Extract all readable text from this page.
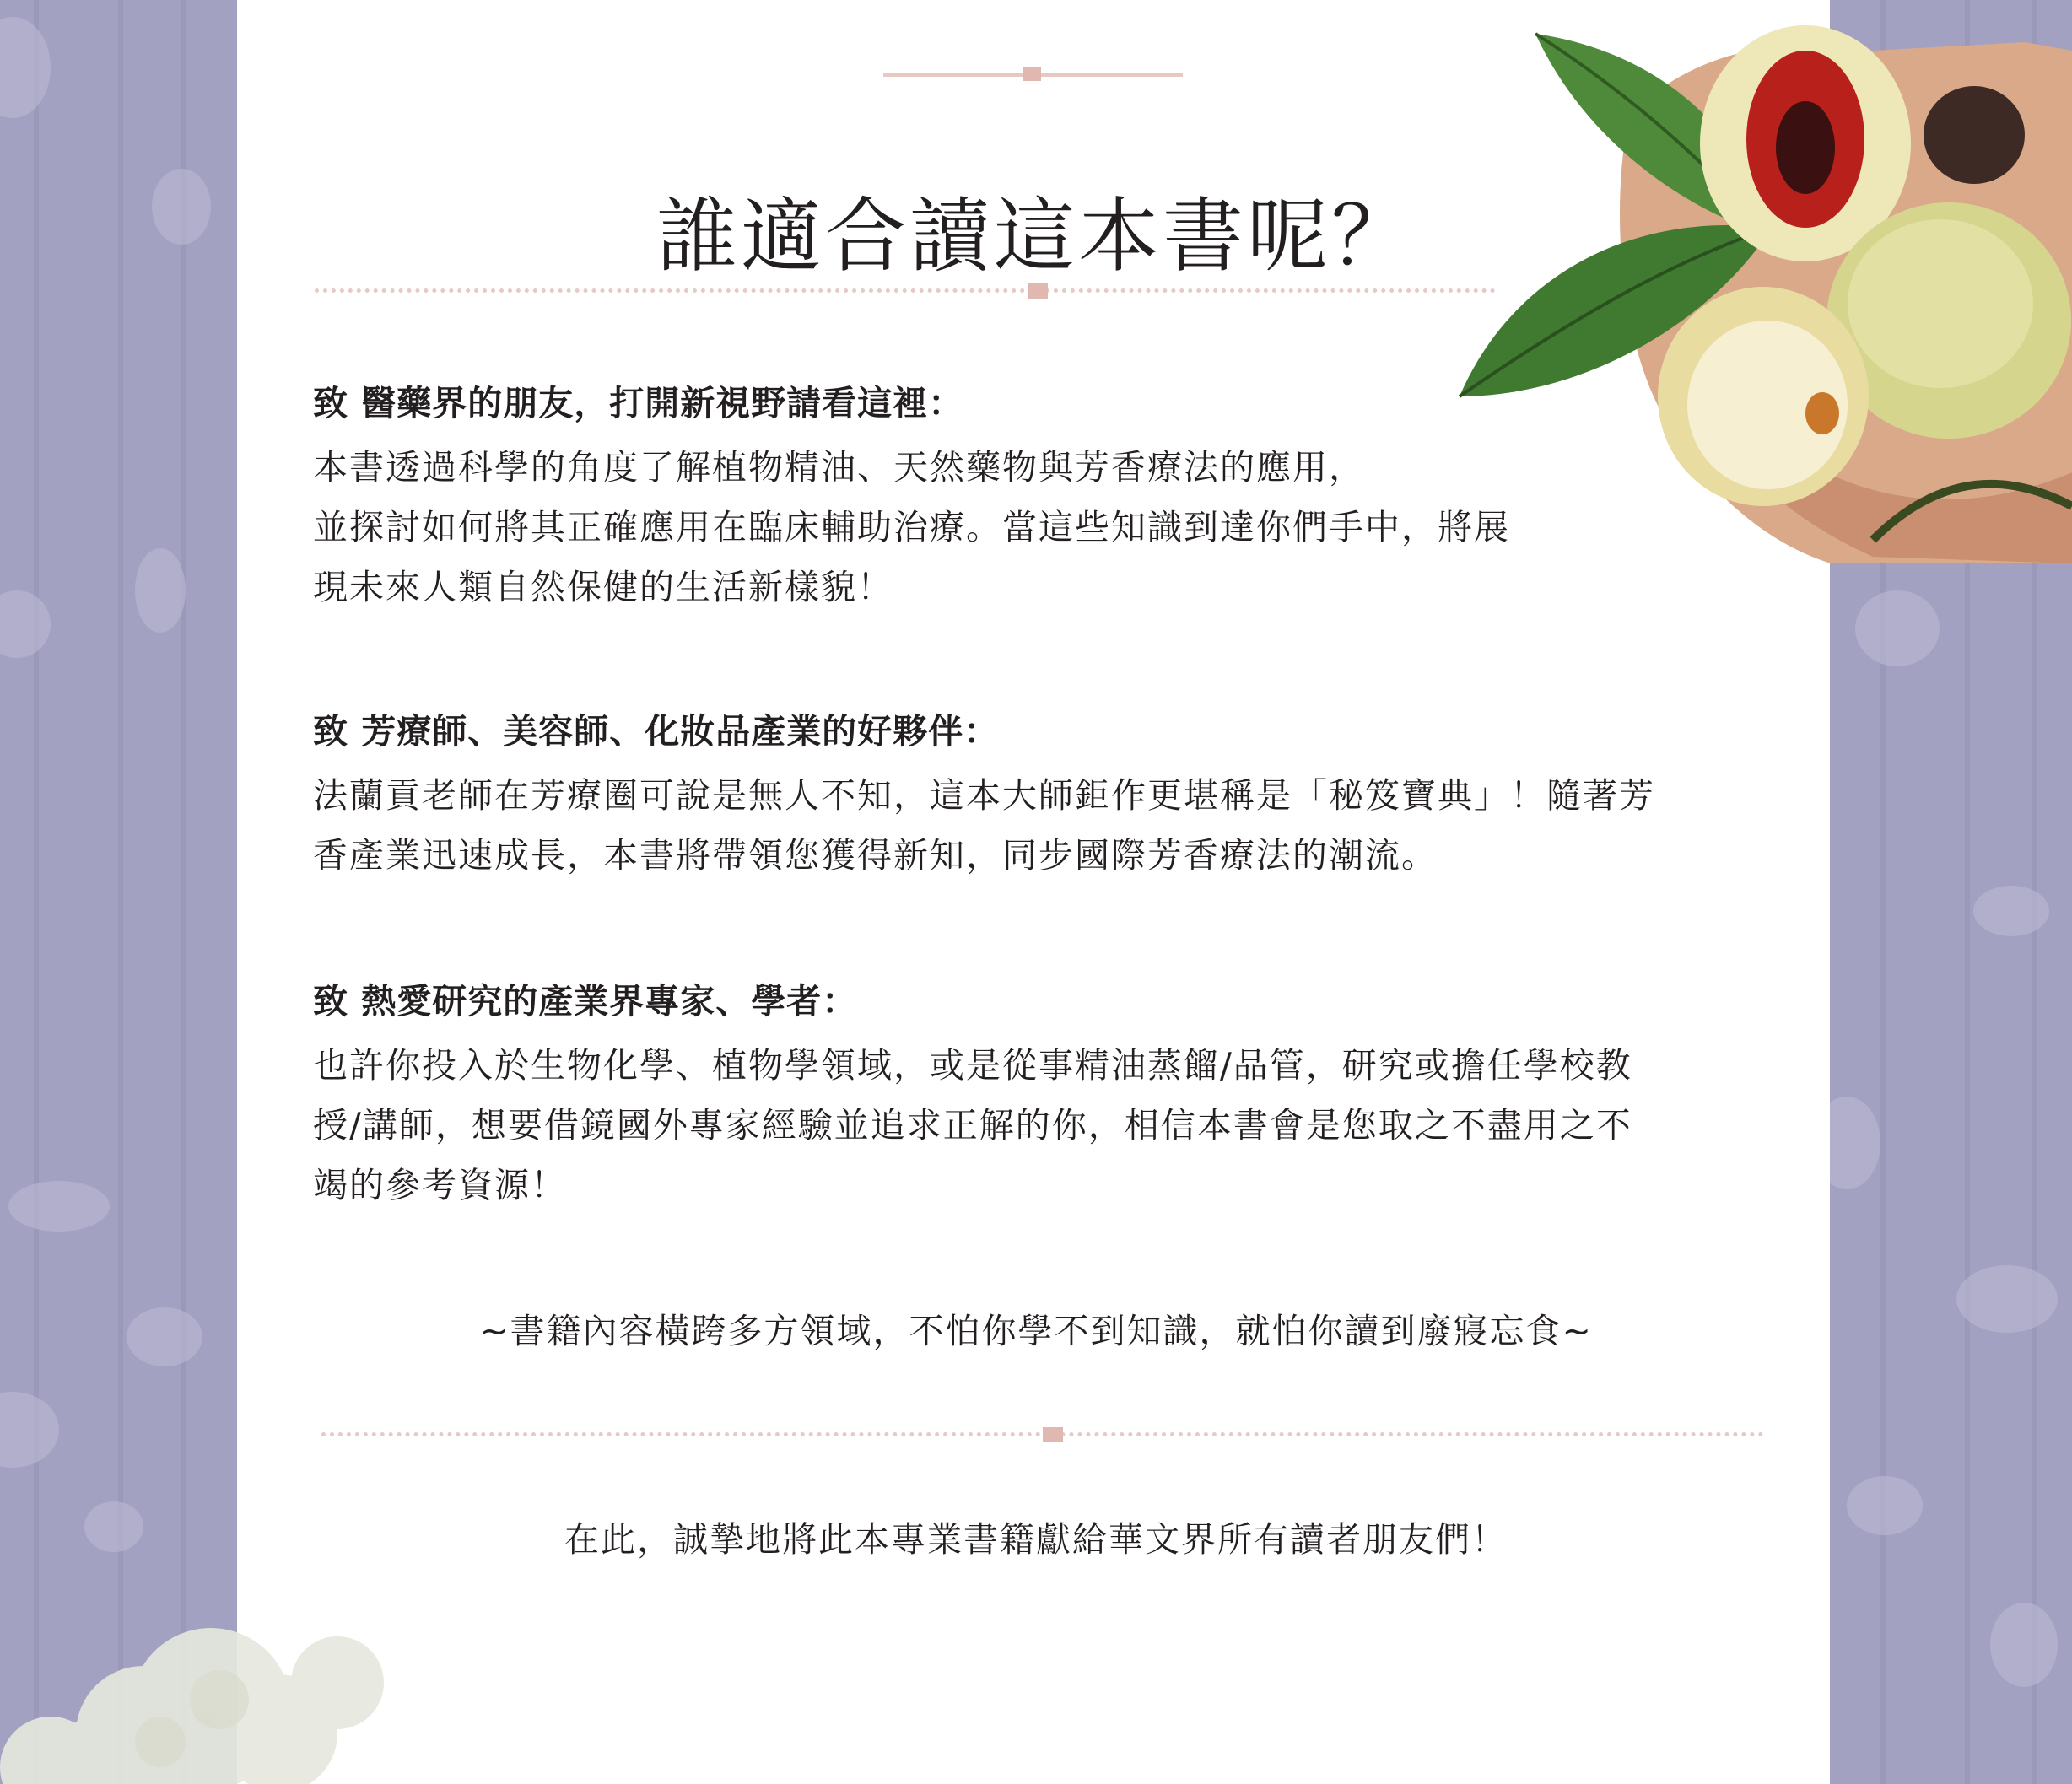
誰適合讀這本書呢？
致 醫藥界的朋友，打開新視野請看這裡：
本書透過科學的角度了解植物精油、天然藥物與芳香療法的應用，
並探討如何將其正確應用在臨床輔助治療。當這些知識到達你們手中，將展
現未來人類自然保健的生活新樣貌！
致 芳療師、美容師、化妝品產業的好夥伴：
法蘭貢老師在芳療圈可說是無人不知，這本大師鉅作更堪稱是「秘笈寶典」！隨著芳
香產業迅速成長，本書將帶領您獲得新知，同步國際芳香療法的潮流。
致 熱愛研究的產業界專家、學者：
也許你投入於生物化學、植物學領域，或是從事精油蒸餾/品管，研究或擔任學校教
授/講師，想要借鏡國外專家經驗並追求正解的你，相信本書會是您取之不盡用之不
竭的參考資源！
~書籍內容橫跨多方領域，不怕你學不到知識，就怕你讀到廢寢忘食~
在此，誠摯地將此本專業書籍獻給華文界所有讀者朋友們！
